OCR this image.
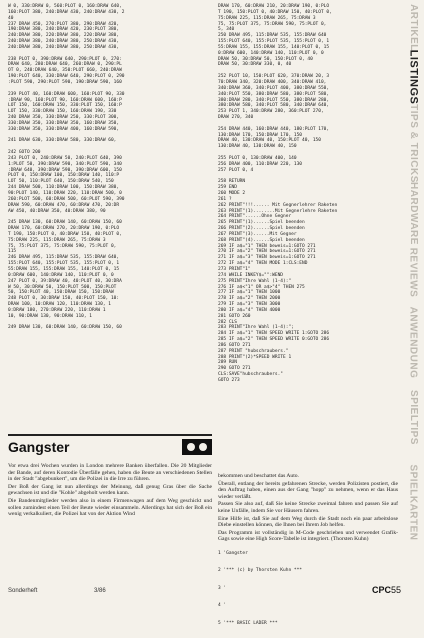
W 0, 330:DRAW 0, 560:PLOT 0, 160:DRAW 640,
160:PLOT 380, 240:DRAW 430, 240:DRAW 430, 2
40
237 DRAW 450, 270:PLOT 380, 290:DRAW 420,
190:DRAW 380, 240:DRAW 420, 230:PLOT 380,
240:DRAW 380, 220:DRAW 380, 220:DRAW 380,
240:DRAW 380, 240:DRAW 380, 250:DRAW 430,
240:DRAW 380, 240:DRAW 380, 250:DRAW 430,
238 PLOT 0, 390:DRAW 640, 290:PLOT 0, 270:
DRAW 640, 280:DRAW 640, 260:DRAW 0, 290:PL
OT 0, 240:DRAW 640, 350:PLOT 660, 240:DRAW
190:PLOT 640, 330:DRAW 640, 290:PLOT 0, 290
:PLOT 590, 290:PLOT 590, 190:DRAW 590, 160
239 PLOT 40, 160:DRAW 600, 160:PLOT 90, 330
:DRAW 90, 160:PLOT 90, 160:DRAW 600, 160:P
LOT 150, 160:DRAW 150, 330:PLOT 150, 160:P
LOT 150, 330:DRAW 150, 160:DRAW 190, 330
240 DRAW 350, 330:DRAW 250, 330:PLOT 300,
330:DRAW 350, 330:DRAW 350, 160:DRAW 350,
330:DRAW 350, 330:DRAW 400, 160:DRAW 590,
241 DRAW 630, 330:DRAW 580, 330:DRAW 60,
242 GOTO 200
243 PLOT 0, 240:DRAW 50, 240:PLOT 640, 390
1:PLOT 50, 390:DRAW 590, 340:PLOT 590, 340
:DRAW 640, 390:DRAW 590, 390:DRAW 600, 150
PLOT 0, 150:DRAW 100, 150:DRAW 140, 110:P
LOT 50, 110:PLOT 640, 150:DRAW 540, 150
244 DRAW 500, 110:DRAW 100, 150:DRAW 380,
90:PLOT 140, 110:DRAW 220, 110:DRAW 500, 0
260:PLOT 500, 60:DRAW 500, 60:PLOT 590, 390
DRAW 590, 60:DRAW 470, 60:DRAW 470, 20:DR
AW 450, 40:DRAW 350, 40:DRAW 380, 90
245 DRAW 130, 60:DRAW 140, 60:DRAW 150, 60
DRAW 170, 60:DRAW 270, 20:DRAW 190, 0:PLO
T 190, 150:PLOT 0, 40:DRAW 150, 40:PLOT 0,
75:DRAW 225, 115:DRAW 265, 75:DRAW 3
75, 75:PLOT 375, 75:DRAW 590, 75:PLOT 0,
115
246 DRAW 495, 115:DRAW 535, 155:DRAW 640,
155:PLOT 640, 155:PLOT 535, 155:PLOT 0, 1
55:DRAW 155, 155:DRAW 155, 140:PLOT 0, 15
0:DRAW 600, 140:DRAW 140, 110:PLOT 0, 0
247 PLOT 0, 39:DRAW 40, 40:PLOT 40, 30:DRA
W 50, 30:DRAW 50, 150:PLOT 500, 150:PLOT
50, 150:PLOT 40, 150:DRAW 150, 150:DRAW
248 PLOT 0, 30:DRAW 150, 40:PLOT 150, 10:
DRAW 100, 10:DRAW 120, 110:DRAW 130, 1
0:DRAW 180, 270:DRAW 220, 110:DRAW 1
10, 90:DRAW 130, 90:DRAW 110, 1
249 DRAW 130, 60:DRAW 140, 60:DRAW 150, 60
DRAW 170, 60:DRAW 210, 20:DRAW 190, 0:PLO
T 190, 150:PLOT 0, 40:DRAW 150, 40:PLOT 0,
75:DRAW 225, 115:DRAW 265, 75:DRAW 3
75, 75:PLOT 375, 75:DRAW 590, 75:PLOT 0,
5, 340
250 DRAW 495, 115:DRAW 535, 155:DRAW 640
155:PLOT 640, 155:PLOT 535, 155:PLOT 0, 1
55:DRAW 155, 155:DRAW 155, 140:PLOT 0, 15
0:DRAW 600, 140:DRAW 140, 110:PLOT 0, 0
DRAW 50, 30:DRAW 50, 150:PLOT 0, 40
DRAW 50, 30:DRAW 330, 0, 40
252 PLOT 10, 150:PLOT 620, 370:DRAW 20, 3
70:DRAW 340, 320:DRAW 400, 340:DRAW 410,
340:DRAW 360, 340:PLOT 400, 380:DRAW 550,
340:PLOT 550, 380:DRAW 580, 380:PLOT 580,
380:DRAW 280, 340:PLOT 550, 380:DRAW 280,
380:DRAW 580, 340:PLOT 580, 340:DRAW 640,
253 PLOT 1, 340:DRAW 280, 360:PLOT 270,
DRAW 270, 340
254 DRAW 440, 160:DRAW 440, 180:PLOT 170,
130:DRAW 170, 150:DRAW 170, 150
DRAW 40, 130:DRAW 40, 150:PLOT 40, 150
130:DRAW 40, 130:DRAW 40, 150
255 PLOT 0, 130:DRAW 400, 140
256 DRAW 400, 110:DRAW 220, 130
257 PLOT 0, 4
258 RETURN
259 END
260 MODE 2
261 ?
262 PRINT"!!!...... Mit Gegnerlehrer Raketen
263 PRINT"(1)........Mit Gegnerlehre Raketen
264 PRINT"......Ohne Gegner
265 PRINT"(1)......Spiel beenden
266 PRINT"(2)......Spiel beenden
267 PRINT"(3)......Mit Gegner
268 PRINT"(4)......Spiel beenden
269 IF a$="1" THEN beweis=1:GOTO 271
270 IF a$="2" THEN beweis=1:GOTO 271
271 IF a$="3" THEN beweis=1:GOTO 271
272 IF a$="4" THEN MODE 1:CLS:END
273 PRINT"1"
274 WHILE INKEY$="":WEND
275 PRINT"Ihre Wahl (1-4):"
276 IF a$<"1" OR a$>"4" THEN 275
277 IF a$="1" THEN 1000
278 IF a$="2" THEN 2000
279 IF a$="3" THEN 3000
280 IF a$="4" THEN 4000
281 GOTO 260
282 CLS
283 PRINT"Ihre Wahl (1-4):";
284 IF a$="1" THEN SPEED WRITE 1:GOTO 286
285 IF a$="2" THEN SPEED WRITE 0:GOTO 286
286 GOTO 271
287 PRINT "hubschraubers."
288 PRINT"(2)*SPEED WRITE 1
289 RUN
290 GOTO 271
CLS:SAVE"hubschraubers."
GOTO 273
Gangster

Vor etwa drei Wochen wurden in London mehrere Banken überfallen. Die 20 Mitglieder der Bande, auf deren Kontodie Überfälle gehen, haben die Beute an verschiedenen Stellen in der Stadt "abgebunkert", um die Polizei in die Irre zu führen.

Der Boß der Gang ist nun allerdings der Meinung, daß genug Gras über die Sache gewachsen ist und die "Kohle" abgeholt werden kann.

Die Bandenmitglieder werden also in einem Firmenwagen auf dem Weg geschickt und sollen zumindest einen Teil der Beute wieder einsammeln. Allerdings hat sich der Boß ein wenig verkalkuliert, die Polizei hat von der Aktion Wind

bekommen und beschattet das Auto.

Überall, entlang der bereits gefahrenen Strecke, werden Polizisten postiert, die den Auftrag haben, einen aus der Gang "hopp" zu nehmen, wenn er das Haus wieder verläßt.

Passen Sie also auf, daß Sie keine Strecke zweimal fahren und passen Sie auf keine Unfälle, indem Sie vor Häusern fahren.

Eine Hilfe ist, daß Sie auf dem Weg durch die Stadt noch ein paar arbeitslose Diebe einstellen können, die Ihnen bei Ihrem Job helfen.

Das Programm ist vollständig in M-Code geschrieben und verwendet Grafik-Gags sowie eine High Score-Tabelle ist integriert. (Thorsten Kuhn)

1 'Gangster

2 '*** (c) by Thorsten Kuhn ***

3 '

4 '

5 '*** BASIC LADER ***

ARTIKEL
LISTINGS
TIPS & TRICKS
HARDWARE
REVIEWS
ANWENDUNG
SPIELTIPS
SPIELKARTEN
Sonderheft	3/86	CPC 55
